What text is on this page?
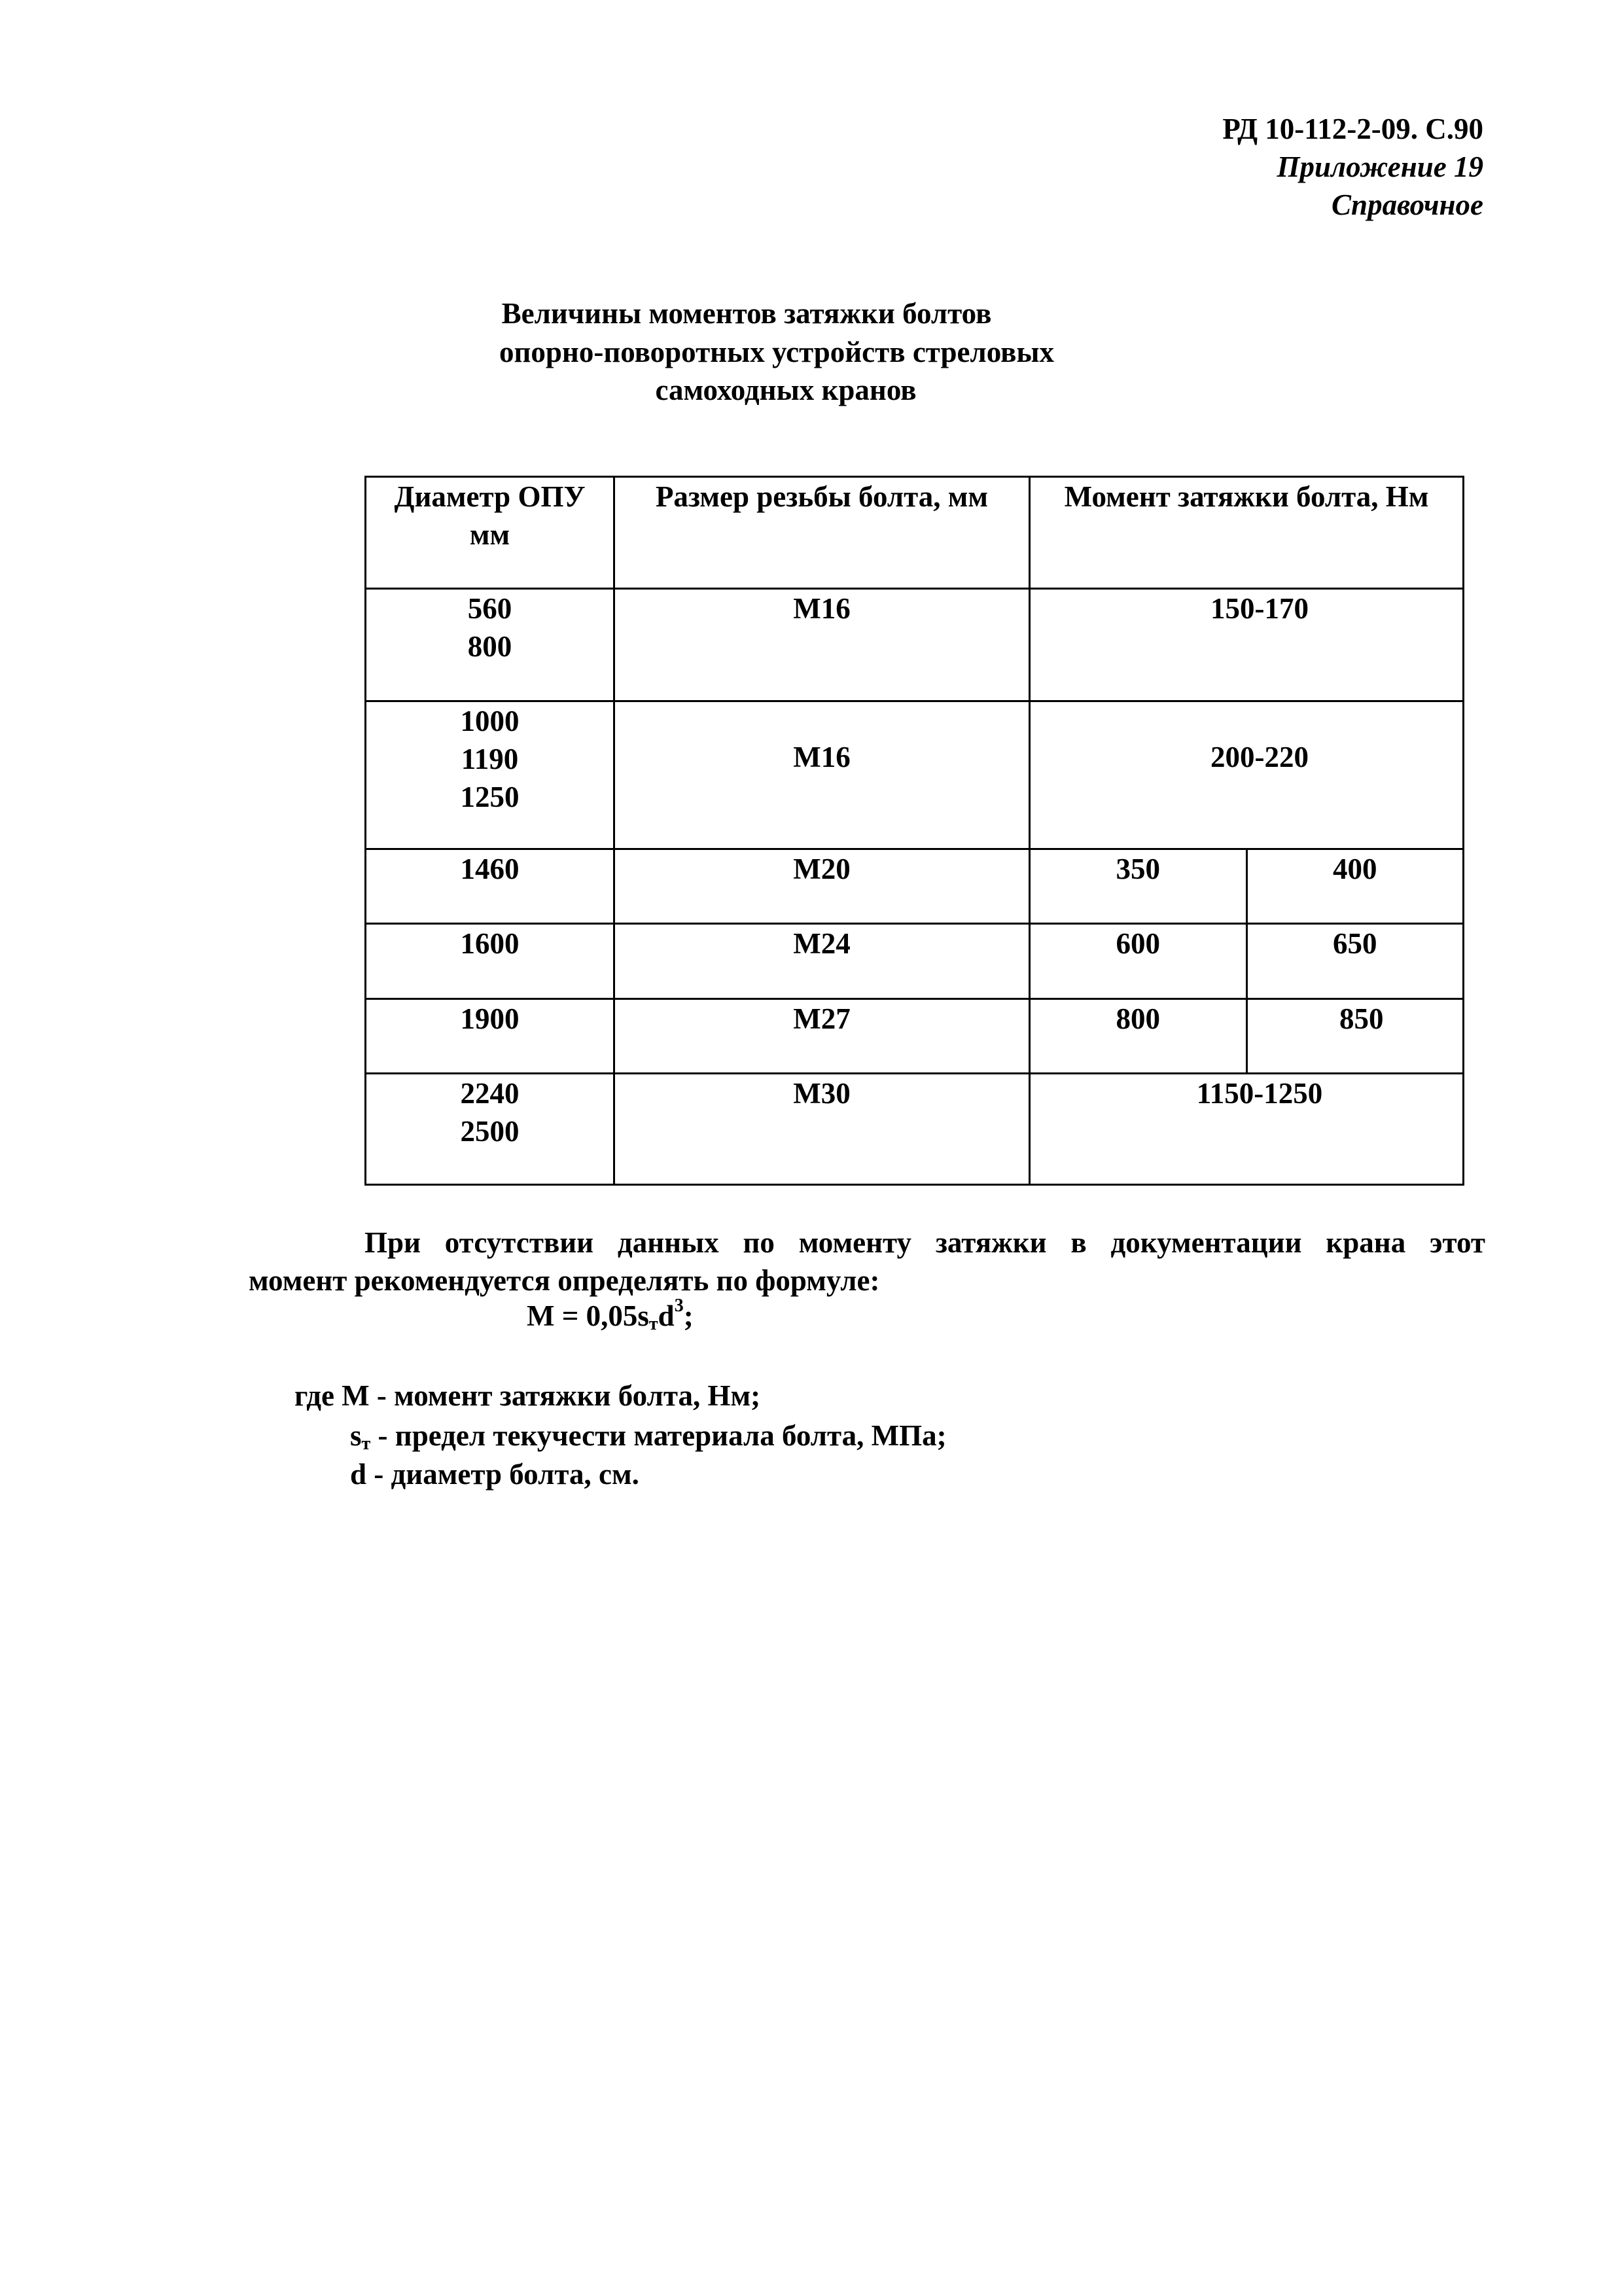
РД 10-112-2-09. С.90
Приложение 19
Справочное
Величины моментов затяжки болтов
опорно-поворотных устройств стреловых
самоходных кранов
Диаметр ОПУ
мм	Размер резьбы болта, мм	Момент затяжки болта, Нм	

560
800	М16	150-170	

1000
1190
1250	М16	200-220	
1460	М20	350	400
1600	М24	600	650
1900	М27	800	850

2240
2500	М30	1150-1250	
При отсутствии данных по моменту затяжки в документации крана этот
момент рекомендуется определять по формуле:
$М = 0,05s_тd^3$;
где М - момент затяжки болта, Нм;
$s_т$ - предел текучести материала болта, МПа;
d - диаметр болта, см.
